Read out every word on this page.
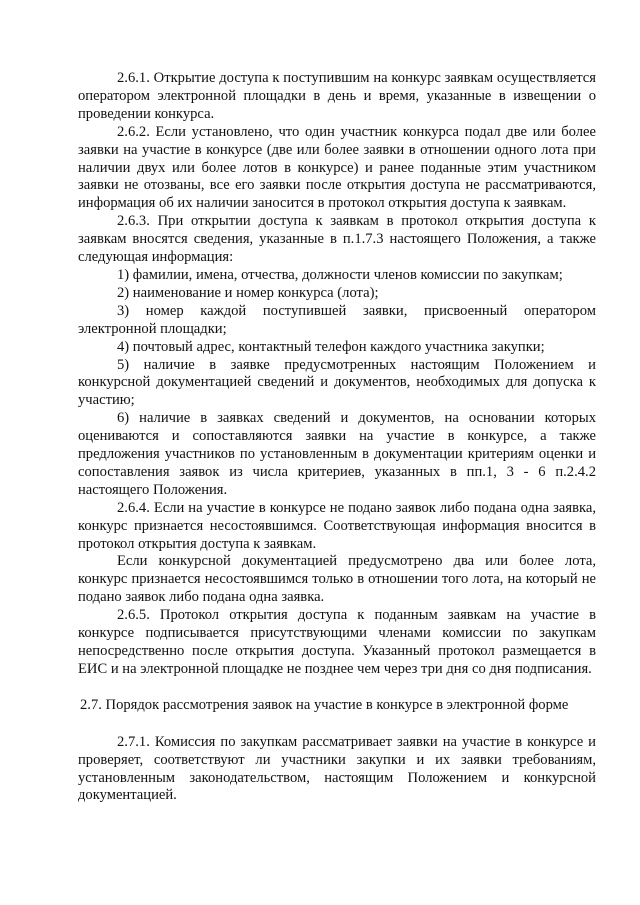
2.6.1. Открытие доступа к поступившим на конкурс заявкам осуществляется оператором электронной площадки в день и время, указанные в извещении о проведении конкурса.

2.6.2. Если установлено, что один участник конкурса подал две или более заявки на участие в конкурсе (две или более заявки в отношении одного лота при наличии двух или более лотов в конкурсе) и ранее поданные этим участником заявки не отозваны, все его заявки после открытия доступа не рассматриваются, информация об их наличии заносится в протокол открытия доступа к заявкам.

2.6.3. При открытии доступа к заявкам в протокол открытия доступа к заявкам вносятся сведения, указанные в п.1.7.3 настоящего Положения, а также следующая информация:

1) фамилии, имена, отчества, должности членов комиссии по закупкам;

2) наименование и номер конкурса (лота);

3) номер каждой поступившей заявки, присвоенный оператором электронной площадки;

4) почтовый адрес, контактный телефон каждого участника закупки;

5) наличие в заявке предусмотренных настоящим Положением и конкурсной документацией сведений и документов, необходимых для допуска к участию;

6) наличие в заявках сведений и документов, на основании которых оцениваются и сопоставляются заявки на участие в конкурсе, а также предложения участников по установленным в документации критериям оценки и сопоставления заявок из числа критериев, указанных в пп.1, 3 - 6 п.2.4.2 настоящего Положения.

2.6.4. Если на участие в конкурсе не подано заявок либо подана одна заявка, конкурс признается несостоявшимся. Соответствующая информация вносится в протокол открытия доступа к заявкам.

Если конкурсной документацией предусмотрено два или более лота, конкурс признается несостоявшимся только в отношении того лота, на который не подано заявок либо подана одна заявка.

2.6.5. Протокол открытия доступа к поданным заявкам на участие в конкурсе подписывается присутствующими членами комиссии по закупкам непосредственно после открытия доступа. Указанный протокол размещается в ЕИС и на электронной площадке не позднее чем через три дня со дня подписания.

2.7. Порядок рассмотрения заявок на участие в конкурсе в электронной форме

2.7.1. Комиссия по закупкам рассматривает заявки на участие в конкурсе и проверяет, соответствуют ли участники закупки и их заявки требованиям, установленным законодательством, настоящим Положением и конкурсной документацией.
